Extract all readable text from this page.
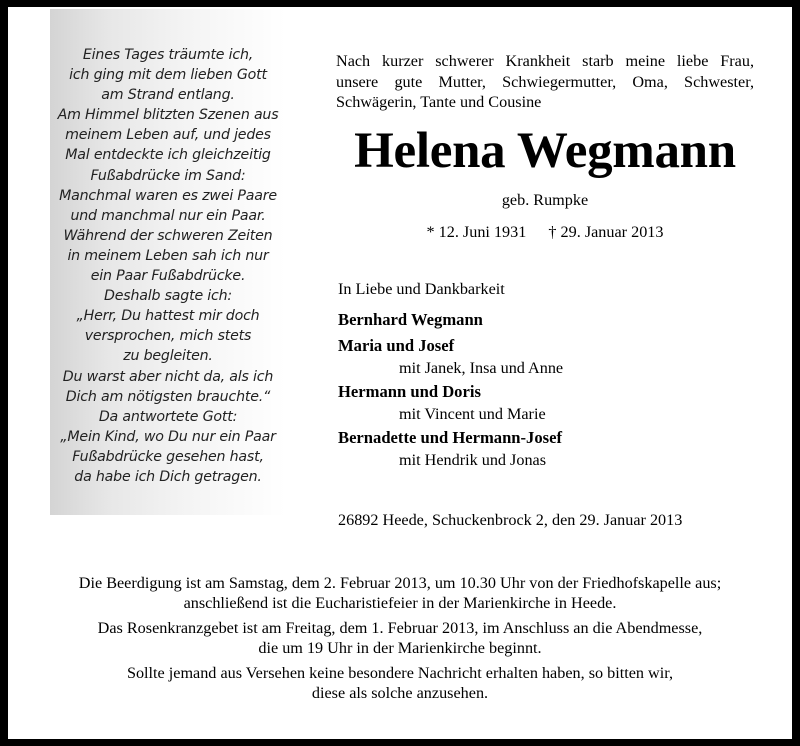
Eines Tages träumte ich,
ich ging mit dem lieben Gott
am Strand entlang.
Am Himmel blitzten Szenen aus
meinem Leben auf, und jedes
Mal entdeckte ich gleichzeitig
Fußabdrücke im Sand:
Manchmal waren es zwei Paare
und manchmal nur ein Paar.
Während der schweren Zeiten
in meinem Leben sah ich nur
ein Paar Fußabdrücke.
Deshalb sagte ich:
„Herr, Du hattest mir doch
versprochen, mich stets
zu begleiten.
Du warst aber nicht da, als ich
Dich am nötigsten brauchte.“
Da antwortete Gott:
„Mein Kind, wo Du nur ein Paar
Fußabdrücke gesehen hast,
da habe ich Dich getragen.
Nach kurzer schwerer Krankheit starb meine liebe Frau,
unsere gute Mutter, Schwiegermutter, Oma, Schwester,
Schwägerin, Tante und Cousine
Helena Wegmann
geb. Rumpke
* 12. Juni 1931 † 29. Januar 2013
In Liebe und Dankbarkeit
Bernhard Wegmann
Maria und Josef
mit Janek, Insa und Anne
Hermann und Doris
mit Vincent und Marie
Bernadette und Hermann-Josef
mit Hendrik und Jonas
26892 Heede, Schuckenbrock 2, den 29. Januar 2013
Die Beerdigung ist am Samstag, dem 2. Februar 2013, um 10.30 Uhr von der Friedhofskapelle aus;
anschließend ist die Eucharistiefeier in der Marienkirche in Heede.
Das Rosenkranzgebet ist am Freitag, dem 1. Februar 2013, im Anschluss an die Abendmesse,
die um 19 Uhr in der Marienkirche beginnt.
Sollte jemand aus Versehen keine besondere Nachricht erhalten haben, so bitten wir,
diese als solche anzusehen.
